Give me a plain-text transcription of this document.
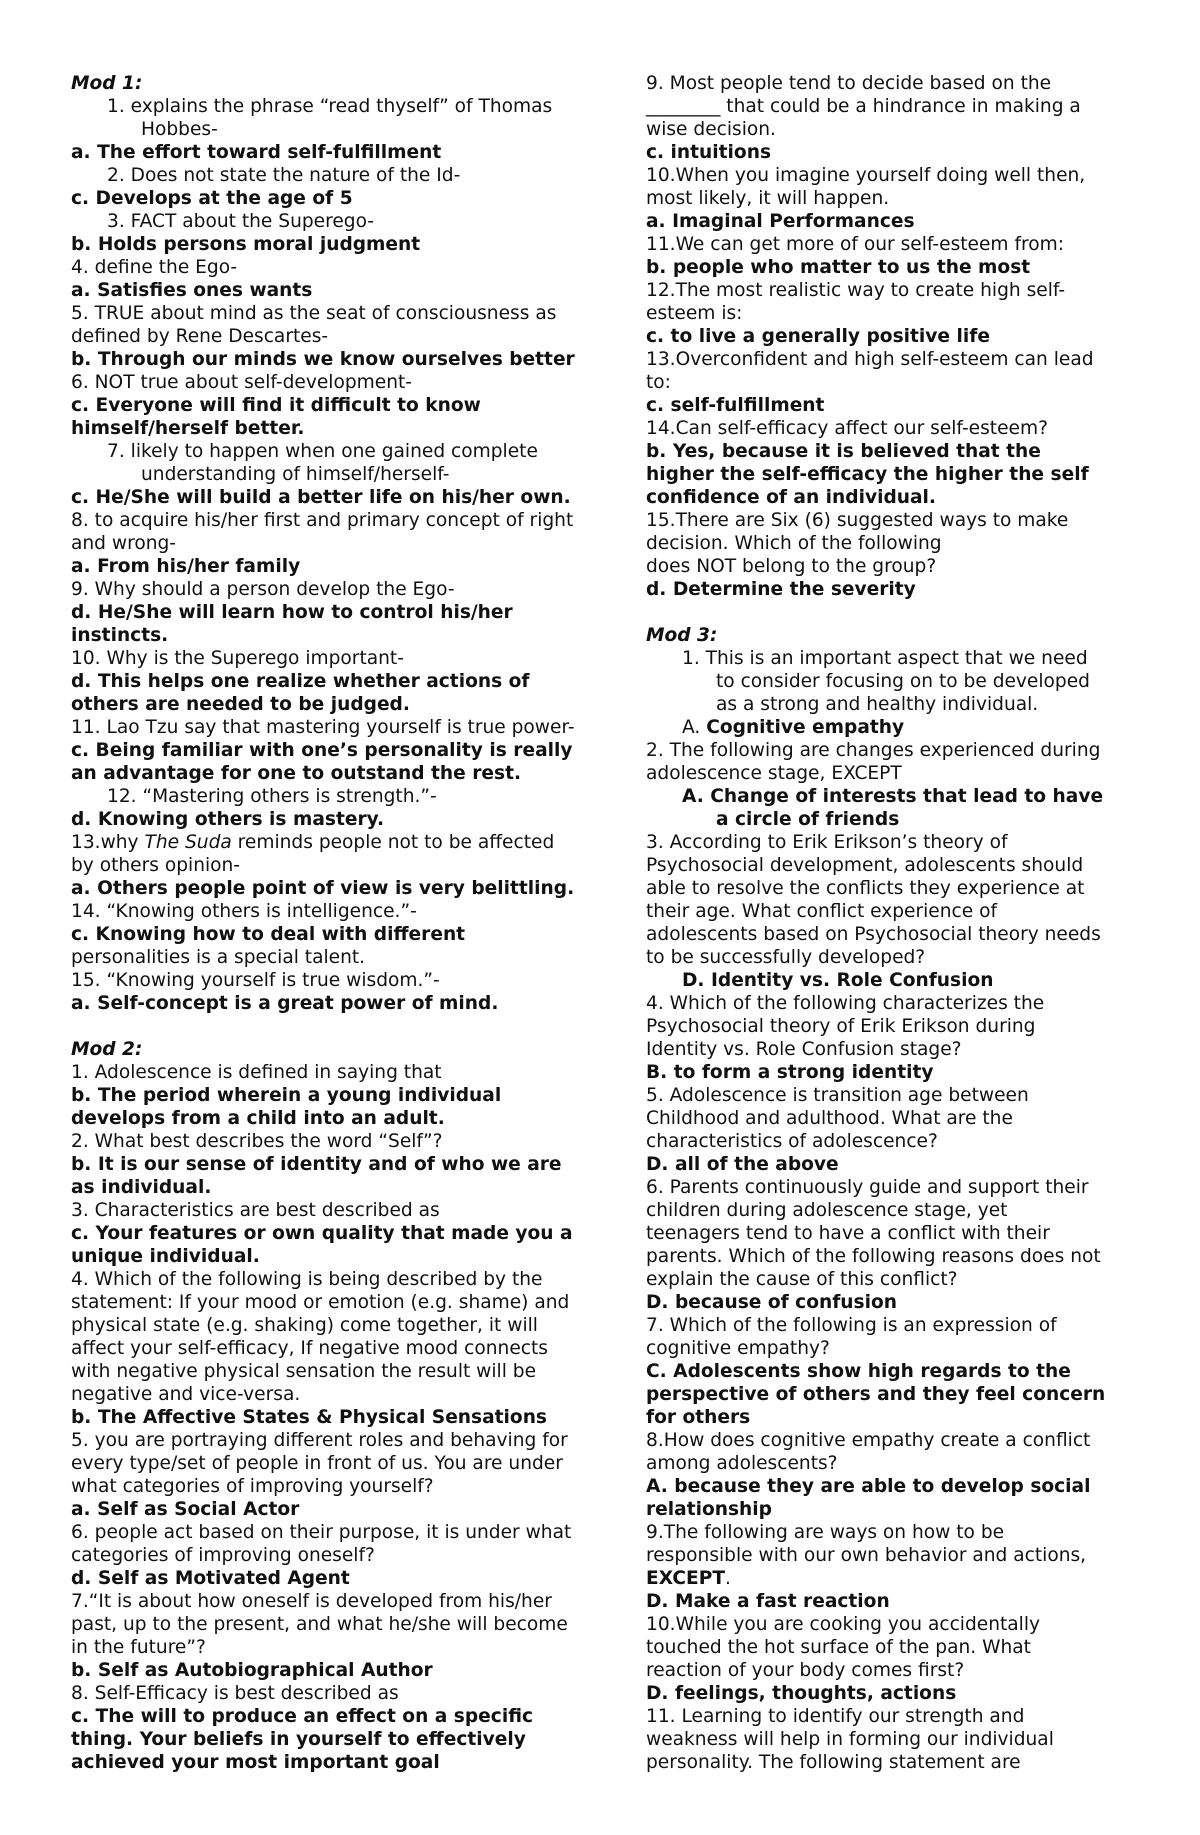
Mod 1:
1. explains the phrase “read thyself” of Thomas
Hobbes-
a. The effort toward self-fulfillment
2. Does not state the nature of the Id-
c. Develops at the age of 5
3. FACT about the Superego-
b. Holds persons moral judgment
4. define the Ego-
a. Satisfies ones wants
5. TRUE about mind as the seat of consciousness as
defined by Rene Descartes-
b. Through our minds we know ourselves better
6. NOT true about self-development-
c. Everyone will find it difficult to know
himself/herself better.
7. likely to happen when one gained complete
understanding of himself/herself-
c. He/She will build a better life on his/her own.
8. to acquire his/her first and primary concept of right
and wrong-
a. From his/her family
9. Why should a person develop the Ego-
d. He/She will learn how to control his/her
instincts.
10. Why is the Superego important-
d. This helps one realize whether actions of
others are needed to be judged.
11. Lao Tzu say that mastering yourself is true power-
c. Being familiar with one’s personality is really
an advantage for one to outstand the rest.
12. “Mastering others is strength.”-
d. Knowing others is mastery.
13.why The Suda reminds people not to be affected
by others opinion-
a. Others people point of view is very belittling.
14. “Knowing others is intelligence.”-
c. Knowing how to deal with different
personalities is a special talent.
15. “Knowing yourself is true wisdom.”-
a. Self-concept is a great power of mind.
Mod 2:
1. Adolescence is defined in saying that
b. The period wherein a young individual
develops from a child into an adult.
2. What best describes the word “Self”?
b. It is our sense of identity and of who we are
as individual.
3. Characteristics are best described as
c. Your features or own quality that made you a
unique individual.
4. Which of the following is being described by the
statement: If your mood or emotion (e.g. shame) and
physical state (e.g. shaking) come together, it will
affect your self-efficacy, If negative mood connects
with negative physical sensation the result will be
negative and vice-versa.
b. The Affective States & Physical Sensations
5. you are portraying different roles and behaving for
every type/set of people in front of us. You are under
what categories of improving yourself?
a. Self as Social Actor
6. people act based on their purpose, it is under what
categories of improving oneself?
d. Self as Motivated Agent
7.“It is about how oneself is developed from his/her
past, up to the present, and what he/she will become
in the future”?
b. Self as Autobiographical Author
8. Self-Efficacy is best described as
c. The will to produce an effect on a specific
thing. Your beliefs in yourself to effectively
achieved your most important goal
9. Most people tend to decide based on the
________ that could be a hindrance in making a
wise decision.
c. intuitions
10.When you imagine yourself doing well then,
most likely, it will happen.
a. Imaginal Performances
11.We can get more of our self-esteem from:
b. people who matter to us the most
12.The most realistic way to create high self-
esteem is:
c. to live a generally positive life
13.Overconfident and high self-esteem can lead
to:
c. self-fulfillment
14.Can self-efficacy affect our self-esteem?
b. Yes, because it is believed that the
higher the self-efficacy the higher the self
confidence of an individual.
15.There are Six (6) suggested ways to make
decision. Which of the following
does NOT belong to the group?
d. Determine the severity
Mod 3:
1. This is an important aspect that we need
to consider focusing on to be developed
as a strong and healthy individual.
A. Cognitive empathy
2. The following are changes experienced during
adolescence stage, EXCEPT
A. Change of interests that lead to have
a circle of friends
3. According to Erik Erikson’s theory of
Psychosocial development, adolescents should
able to resolve the conflicts they experience at
their age. What conflict experience of
adolescents based on Psychosocial theory needs
to be successfully developed?
D. Identity vs. Role Confusion
4. Which of the following characterizes the
Psychosocial theory of Erik Erikson during
Identity vs. Role Confusion stage?
B. to form a strong identity
5. Adolescence is transition age between
Childhood and adulthood. What are the
characteristics of adolescence?
D. all of the above
6. Parents continuously guide and support their
children during adolescence stage, yet
teenagers tend to have a conflict with their
parents. Which of the following reasons does not
explain the cause of this conflict?
D. because of confusion
7. Which of the following is an expression of
cognitive empathy?
C. Adolescents show high regards to the
perspective of others and they feel concern
for others
8.How does cognitive empathy create a conflict
among adolescents?
A. because they are able to develop social
relationship
9.The following are ways on how to be
responsible with our own behavior and actions,
EXCEPT.
D. Make a fast reaction
10.While you are cooking you accidentally
touched the hot surface of the pan. What
reaction of your body comes first?
D. feelings, thoughts, actions
11. Learning to identify our strength and
weakness will help in forming our individual
personality. The following statement are
